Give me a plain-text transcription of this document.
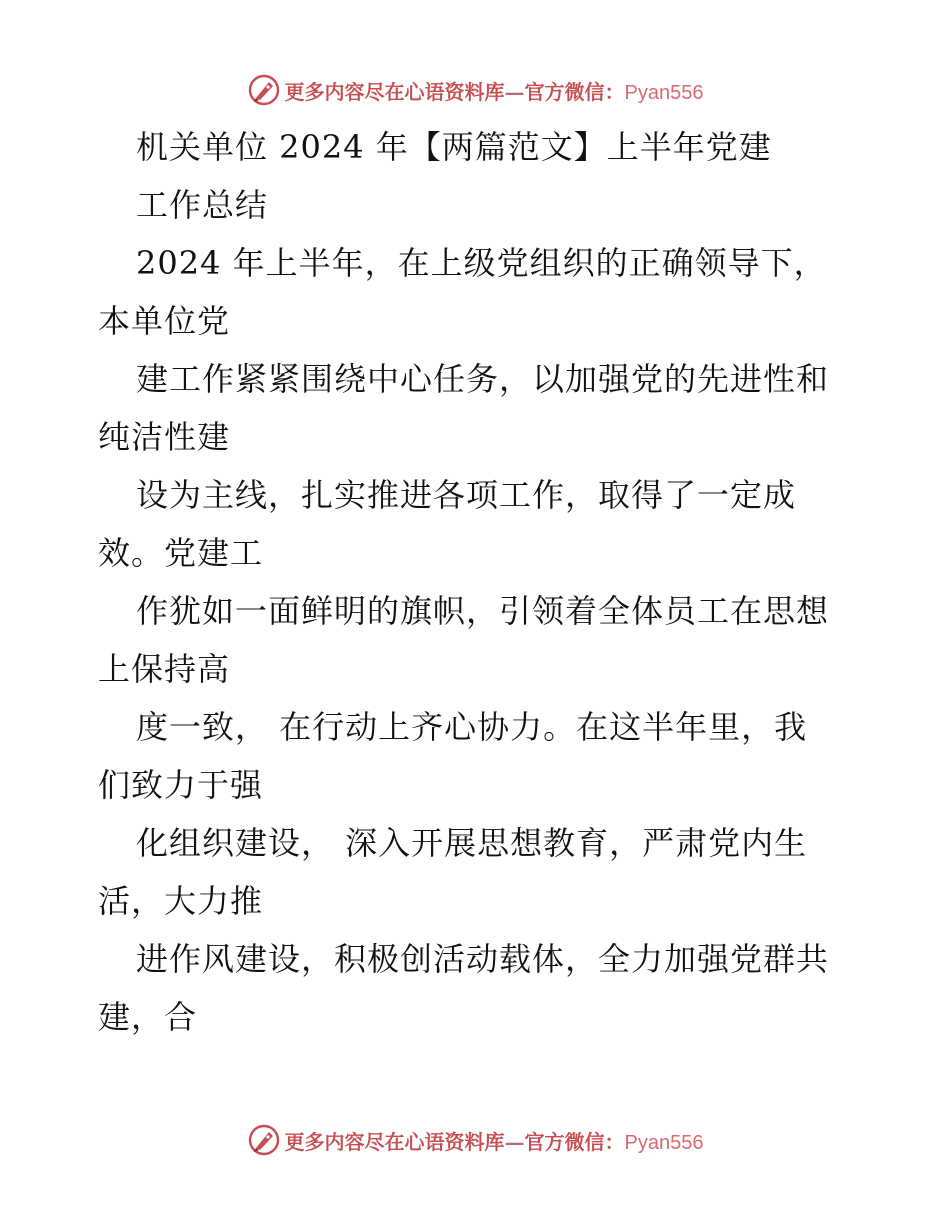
更多内容尽在心语资料库—官方微信：Pyan556
机关单位 2024 年【两篇范文】上半年党建
工作总结
2024 年上半年，在上级党组织的正确领导下，
本单位党
建工作紧紧围绕中心任务，以加强党的先进性和
纯洁性建
设为主线，扎实推进各项工作，取得了一定成
效。党建工
作犹如一面鲜明的旗帜，引领着全体员工在思想
上保持高
度一致， 在行动上齐心协力。在这半年里，我
们致力于强
化组织建设， 深入开展思想教育，严肃党内生
活，大力推
进作风建设，积极创活动载体，全力加强党群共
建，合
更多内容尽在心语资料库—官方微信：Pyan556
